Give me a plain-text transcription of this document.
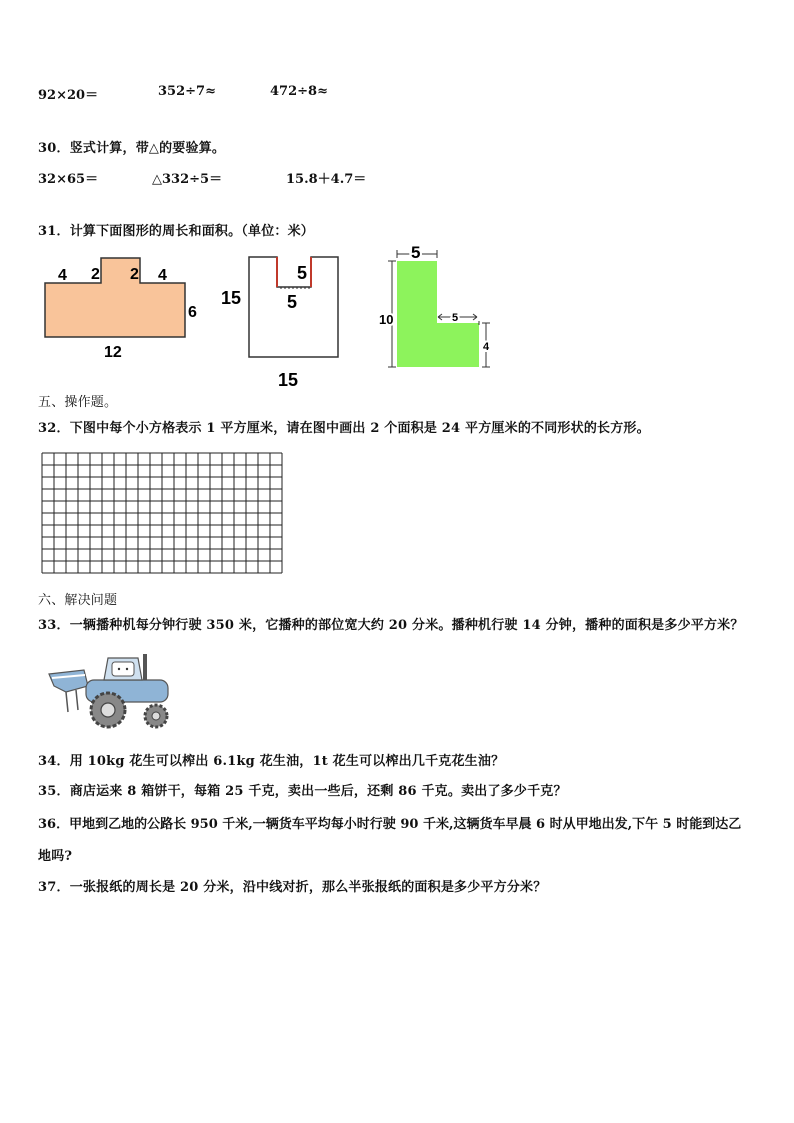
92×20＝	352÷7≈	472÷8≈
30．竖式计算，带△的要验算。
32×65＝	△332÷5＝	15.8＋4.7＝
31．计算下面图形的周长和面积。（单位：米）
4 2 2 4
6
12
5
5
15
15
5
10	5
4
五、操作题。
32．下图中每个小方格表示 1 平方厘米，请在图中画出 2 个面积是 24 平方厘米的不同形状的长方形。
六、解决问题
33．一辆播种机每分钟行驶 350 米，它播种的部位宽大约 20 分米。播种机行驶 14 分钟，播种的面积是多少平方米？
34．用 10kg 花生可以榨出 6.1kg 花生油，1t 花生可以榨出几千克花生油？
35．商店运来 8 箱饼干，每箱 25 千克，卖出一些后，还剩 86 千克。卖出了多少千克？
36．甲地到乙地的公路长 950 千米,一辆货车平均每小时行驶 90 千米,这辆货车早晨 6 时从甲地出发,下午 5 时能到达乙
地吗?
37．一张报纸的周长是 20 分米，沿中线对折，那么半张报纸的面积是多少平方分米？
